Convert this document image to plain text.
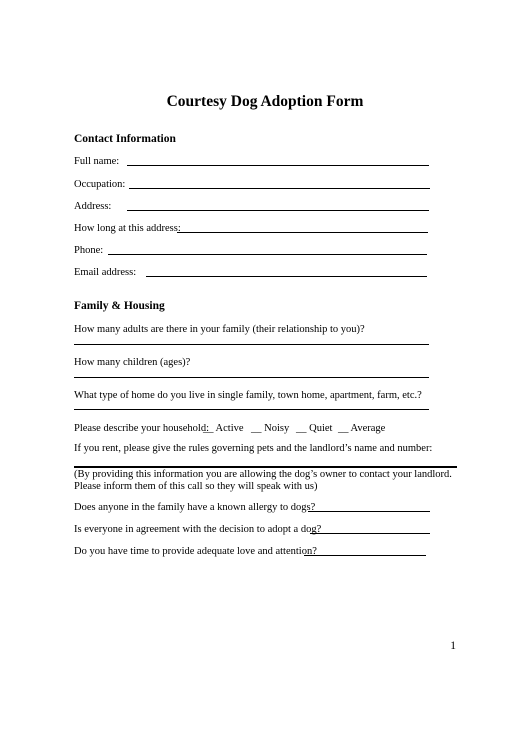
Courtesy Dog Adoption Form
Contact Information
Full name:
Occupation:
Address:
How long at this address:
Phone:
Email address:
Family & Housing
How many adults are there in your family (their relationship to you)?
How many children (ages)?
What type of home do you live in single family, town home, apartment, farm, etc.?
Please describe your household:
__ Active __ Noisy __ Quiet __ Average
If you rent, please give the rules governing pets and the landlord’s name and number:
(By providing this information you are allowing the dog’s owner to contact your landlord. Please inform them of this call so they will speak with us)
Does anyone in the family have a known allergy to dogs?
Is everyone in agreement with the decision to adopt a dog?
Do you have time to provide adequate love and attention?
1
